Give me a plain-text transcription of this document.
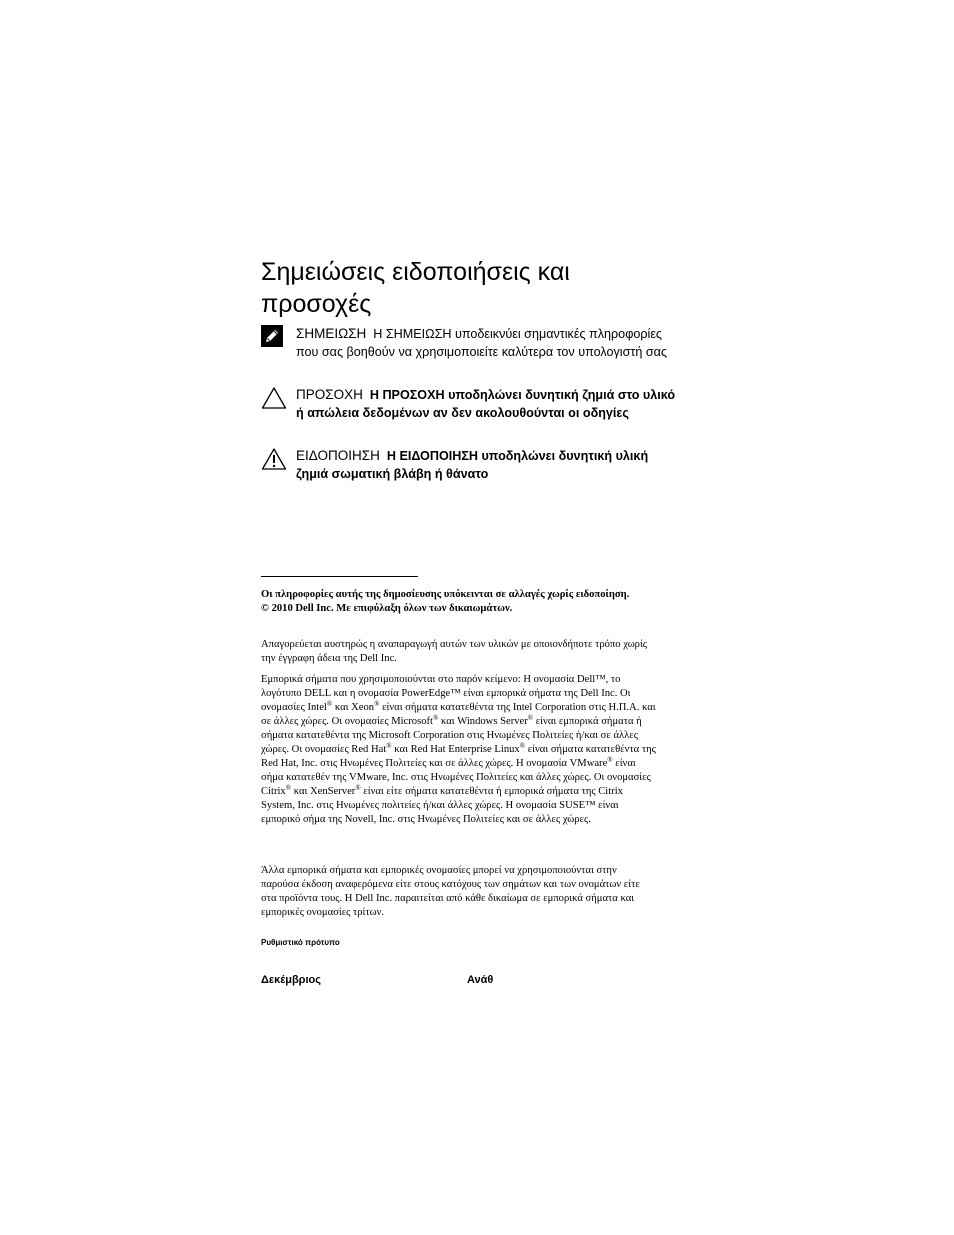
Σημειώσεις ειδοποιήσεις και προσοχές
ΣΗΜΕΙΩΣΗ Η ΣΗΜΕΙΩΣΗ υποδεικνύει σημαντικές πληροφορίες που σας βοηθούν να χρησιμοποιείτε καλύτερα τον υπολογιστή σας
ΠΡΟΣΟΧΗ Η ΠΡΟΣΟΧΗ υποδηλώνει δυνητική ζημιά στο υλικό ή απώλεια δεδομένων αν δεν ακολουθούνται οι οδηγίες
ΕΙΔΟΠΟΙΗΣΗ Η ΕΙΔΟΠΟΙΗΣΗ υποδηλώνει δυνητική υλική ζημιά σωματική βλάβη ή θάνατο
Οι πληροφορίες αυτής της δημοσίευσης υπόκεινται σε αλλαγές χωρίς ειδοποίηση.
© 2010 Dell Inc. Με επιφύλαξη όλων των δικαιωμάτων.

Απαγορεύεται αυστηρώς η αναπαραγωγή αυτών των υλικών με οποιονδήποτε τρόπο χωρίς την έγγραφη άδεια της Dell Inc.

Εμπορικά σήματα που χρησιμοποιούνται στο παρόν κείμενο: Η ονομασία Dell™, το λογότυπο DELL και η ονομασία PowerEdge™ είναι εμπορικά σήματα της Dell Inc. Οι ονομασίες Intel® και Xeon® είναι σήματα κατατεθέντα της Intel Corporation στις Η.Π.Α. και σε άλλες χώρες. Οι ονομασίες Microsoft® και Windows Server® είναι εμπορικά σήματα ή σήματα κατατεθέντα της Microsoft Corporation στις Ηνωμένες Πολιτείες ή/και σε άλλες χώρες. Οι ονομασίες Red Hat® και Red Hat Enterprise Linux® είναι σήματα κατατεθέντα της Red Hat, Inc. στις Ηνωμένες Πολιτείες και σε άλλες χώρες. Η ονομασία VMware® είναι σήμα κατατεθέν της VMware, Inc. στις Ηνωμένες Πολιτείες και άλλες χώρες. Οι ονομασίες Citrix® και XenServer® είναι είτε σήματα κατατεθέντα ή εμπορικά σήματα της Citrix System, Inc. στις Ηνωμένες πολιτείες ή/και άλλες χώρες. Η ονομασία SUSE™ είναι εμπορικό σήμα της Novell, Inc. στις Ηνωμένες Πολιτείες και σε άλλες χώρες.

Άλλα εμπορικά σήματα και εμπορικές ονομασίες μπορεί να χρησιμοποιούνται στην παρούσα έκδοση αναφερόμενα είτε στους κατόχους των σημάτων και των ονομάτων είτε στα προϊόντα τους. Η Dell Inc. παραιτείται από κάθε δικαίωμα σε εμπορικά σήματα και εμπορικές ονομασίες τρίτων.

Ρυθμιστικό πρότυπο
Δεκέμβριος	Ανάθ
